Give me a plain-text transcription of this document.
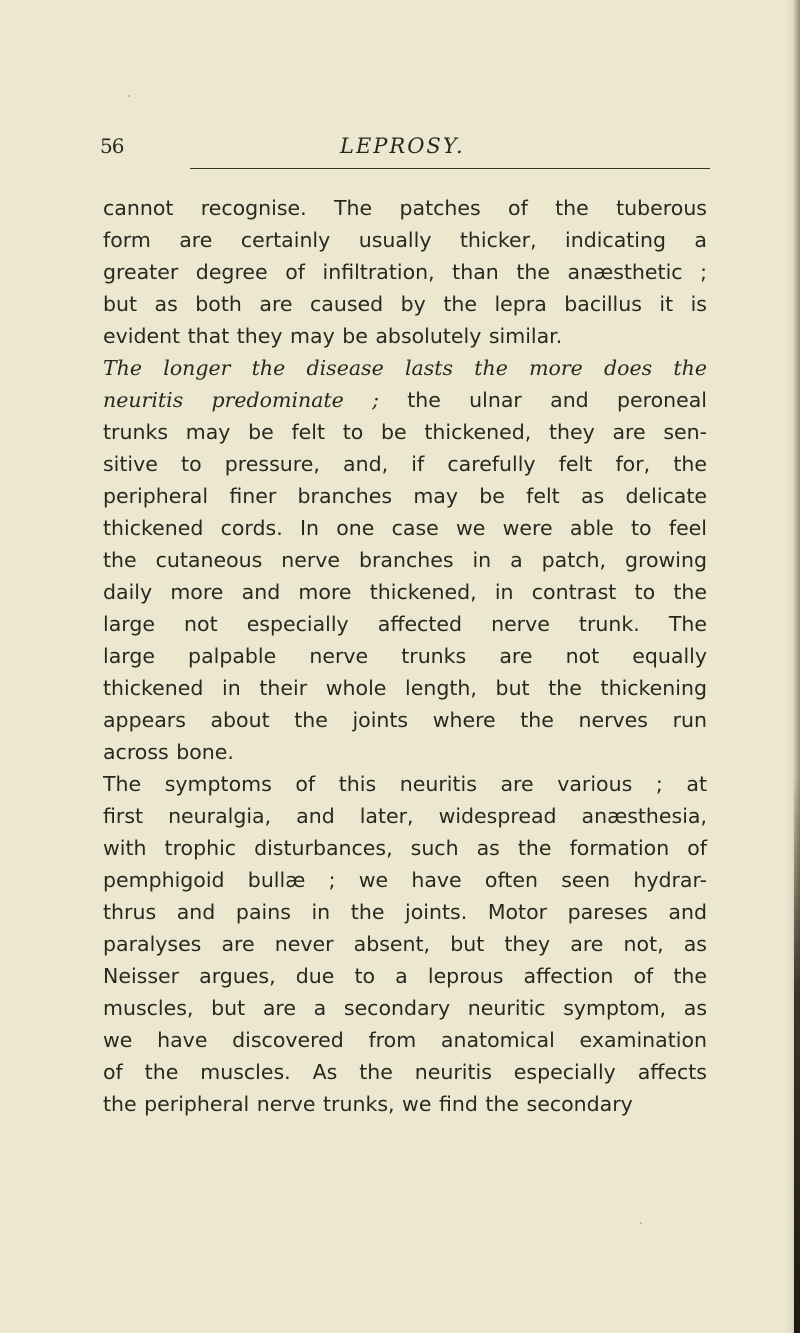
56	LEPROSY.
cannot recognise. The patches of the tuberous
form are certainly usually thicker, indicating a
greater degree of infiltration, than the anæsthetic ;
but as both are caused by the lepra bacillus it is
evident that they may be absolutely similar.
The longer the disease lasts the more does the
neuritis predominate ; the ulnar and peroneal
trunks may be felt to be thickened, they are sen-
sitive to pressure, and, if carefully felt for, the
peripheral finer branches may be felt as delicate
thickened cords. In one case we were able to feel
the cutaneous nerve branches in a patch, growing
daily more and more thickened, in contrast to the
large not especially affected nerve trunk. The
large palpable nerve trunks are not equally
thickened in their whole length, but the thickening
appears about the joints where the nerves run
across bone.
The symptoms of this neuritis are various ; at
first neuralgia, and later, widespread anæsthesia,
with trophic disturbances, such as the formation of
pemphigoid bullæ ; we have often seen hydrar-
thrus and pains in the joints. Motor pareses and
paralyses are never absent, but they are not, as
Neisser argues, due to a leprous affection of the
muscles, but are a secondary neuritic symptom, as
we have discovered from anatomical examination
of the muscles. As the neuritis especially affects
the peripheral nerve trunks, we find the secondary
